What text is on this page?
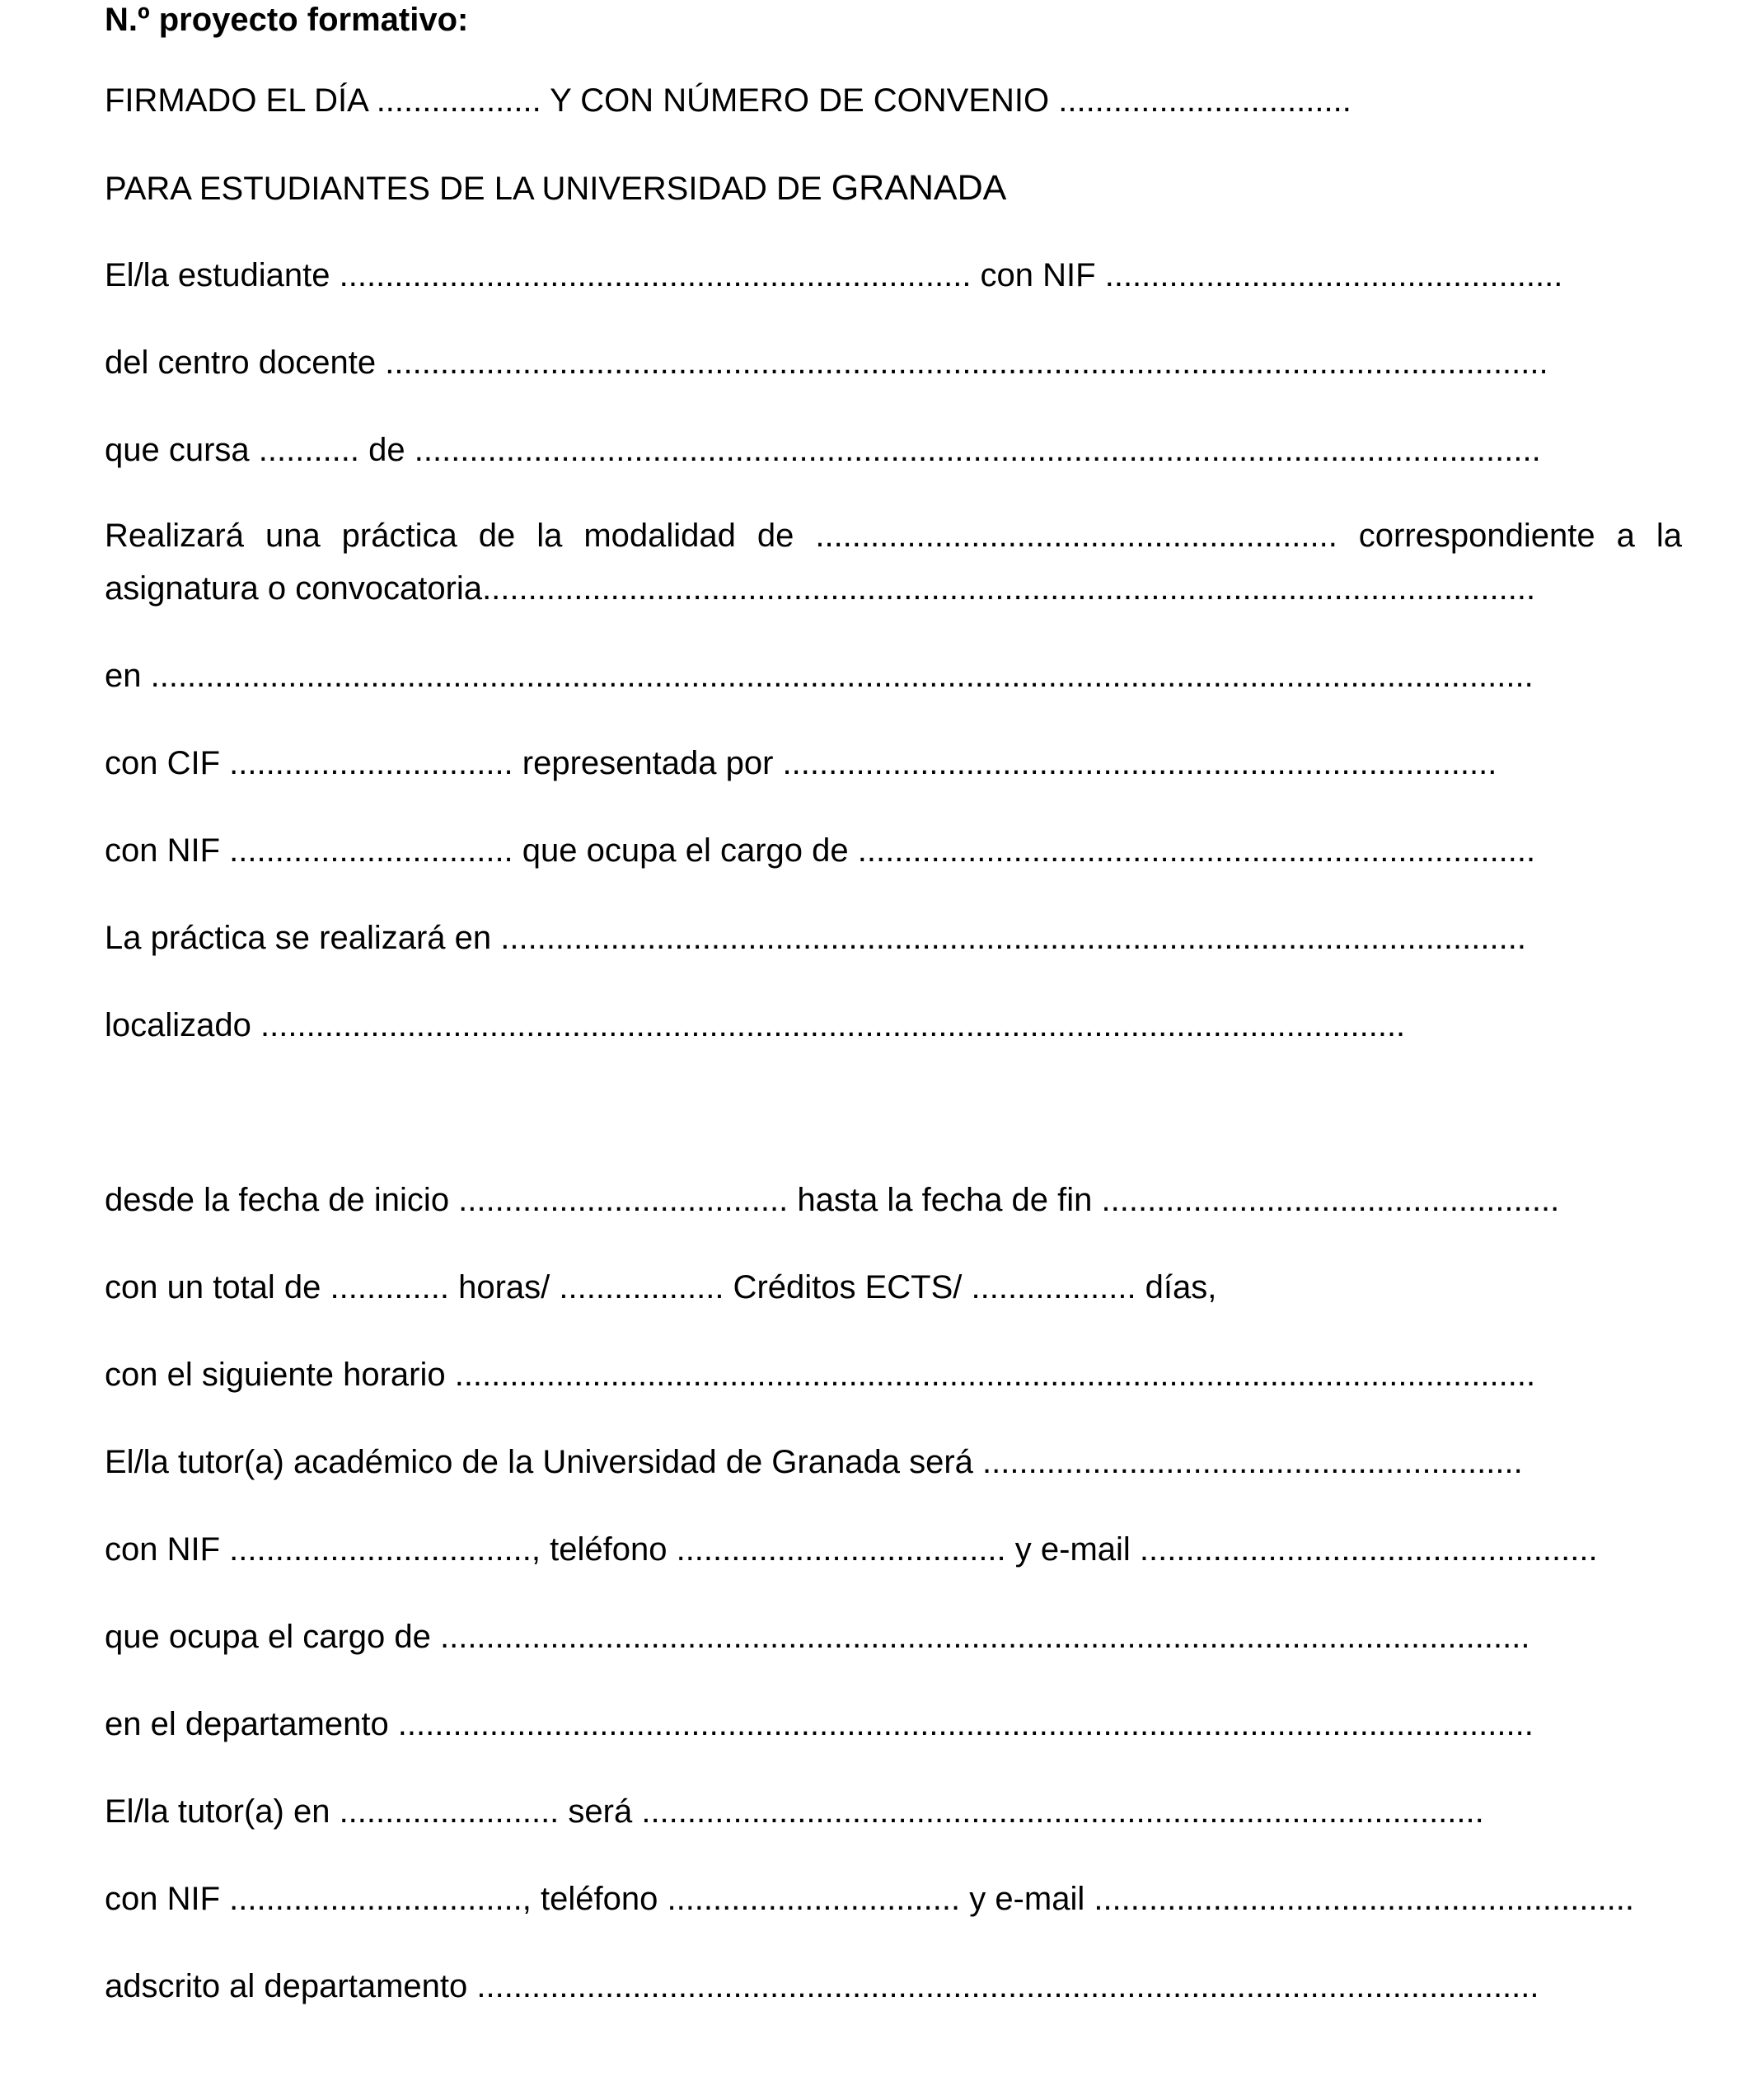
N.º proyecto formativo:
FIRMADO EL DÍA .................. Y CON NÚMERO DE CONVENIO ................................
PARA ESTUDIANTES DE LA UNIVERSIDAD DE GRANADA
El/la estudiante ..................................................................... con NIF ..................................................
del centro docente ...............................................................................................................................
que cursa ........... de ...........................................................................................................................
Realizará una práctica de la modalidad de ......................................................... correspondiente a la
asignatura o convocatoria...................................................................................................................
en .......................................................................................................................................................
con CIF ............................... representada por ..............................................................................
con NIF ............................... que ocupa el cargo de ..........................................................................
La práctica se realizará en ................................................................................................................
localizado .............................................................................................................................
desde la fecha de inicio .................................... hasta la fecha de fin ..................................................
con un total de ............. horas/ .................. Créditos ECTS/ .................. días,
con el siguiente horario ......................................................................................................................
El/la tutor(a) académico de la Universidad de Granada será ...........................................................
con NIF ................................., teléfono .................................... y e-mail ..................................................
que ocupa el cargo de .......................................................................................................................
en el departamento ............................................................................................................................
El/la tutor(a) en ........................ será ............................................................................................
con NIF ................................, teléfono ................................ y e-mail ...........................................................
adscrito al departamento ....................................................................................................................
